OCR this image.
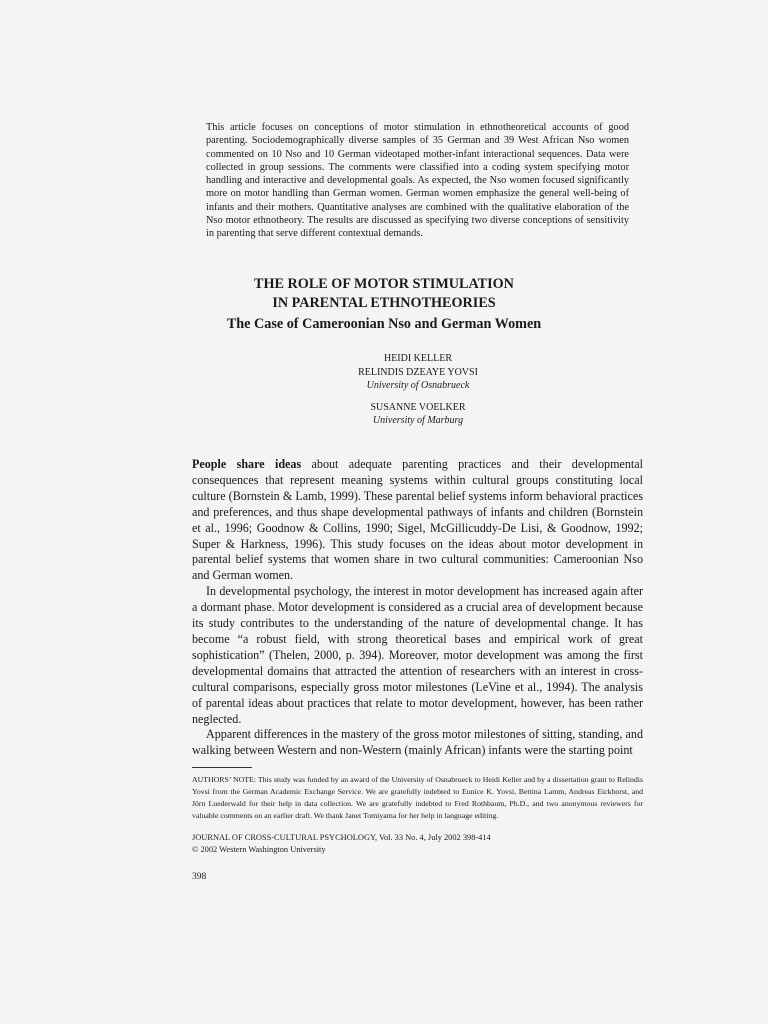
This article focuses on conceptions of motor stimulation in ethnotheoretical accounts of good parenting. Sociodemographically diverse samples of 35 German and 39 West African Nso women commented on 10 Nso and 10 German videotaped mother-infant interactional sequences. Data were collected in group sessions. The comments were classified into a coding system specifying motor handling and interactive and developmental goals. As expected, the Nso women focused significantly more on motor handling than German women. German women emphasize the general well-being of infants and their mothers. Quantitative analyses are combined with the qualitative elaboration of the Nso motor ethnotheory. The results are discussed as specifying two diverse conceptions of sensitivity in parenting that serve different contextual demands.
THE ROLE OF MOTOR STIMULATION
IN PARENTAL ETHNOTHEORIES
The Case of Cameroonian Nso and German Women
HEIDI KELLER
RELINDIS DZEAYE YOVSI
University of Osnabrueck
SUSANNE VOELKER
University of Marburg

People share ideas about adequate parenting practices and their developmental consequences that represent meaning systems within cultural groups constituting local culture (Bornstein & Lamb, 1999). These parental belief systems inform behavioral practices and preferences, and thus shape developmental pathways of infants and children (Bornstein et al., 1996; Goodnow & Collins, 1990; Sigel, McGillicuddy-De Lisi, & Goodnow, 1992; Super & Harkness, 1996). This study focuses on the ideas about motor development in parental belief systems that women share in two cultural communities: Cameroonian Nso and German women.

In developmental psychology, the interest in motor development has increased again after a dormant phase. Motor development is considered as a crucial area of development because its study contributes to the understanding of the nature of developmental change. It has become “a robust field, with strong theoretical bases and empirical work of great sophistication” (Thelen, 2000, p. 394). Moreover, motor development was among the first developmental domains that attracted the attention of researchers with an interest in cross-cultural comparisons, especially gross motor milestones (LeVine et al., 1994). The analysis of parental ideas about practices that relate to motor development, however, has been rather neglected.

Apparent differences in the mastery of the gross motor milestones of sitting, standing, and walking between Western and non-Western (mainly African) infants were the starting point

AUTHORS’ NOTE: This study was funded by an award of the University of Osnabrueck to Heidi Keller and by a dissertation grant to Relindis Yovsi from the German Academic Exchange Service. We are gratefully indebted to Eunice K. Yovsi, Bettina Lamm, Andreas Eickhorst, and Jörn Luederwald for their help in data collection. We are gratefully indebted to Fred Rothbaum, Ph.D., and two anonymous reviewers for valuable comments on an earlier draft. We thank Janet Tomiyama for her help in language editing.
JOURNAL OF CROSS-CULTURAL PSYCHOLOGY, Vol. 33 No. 4, July 2002 398-414
© 2002 Western Washington University
398
